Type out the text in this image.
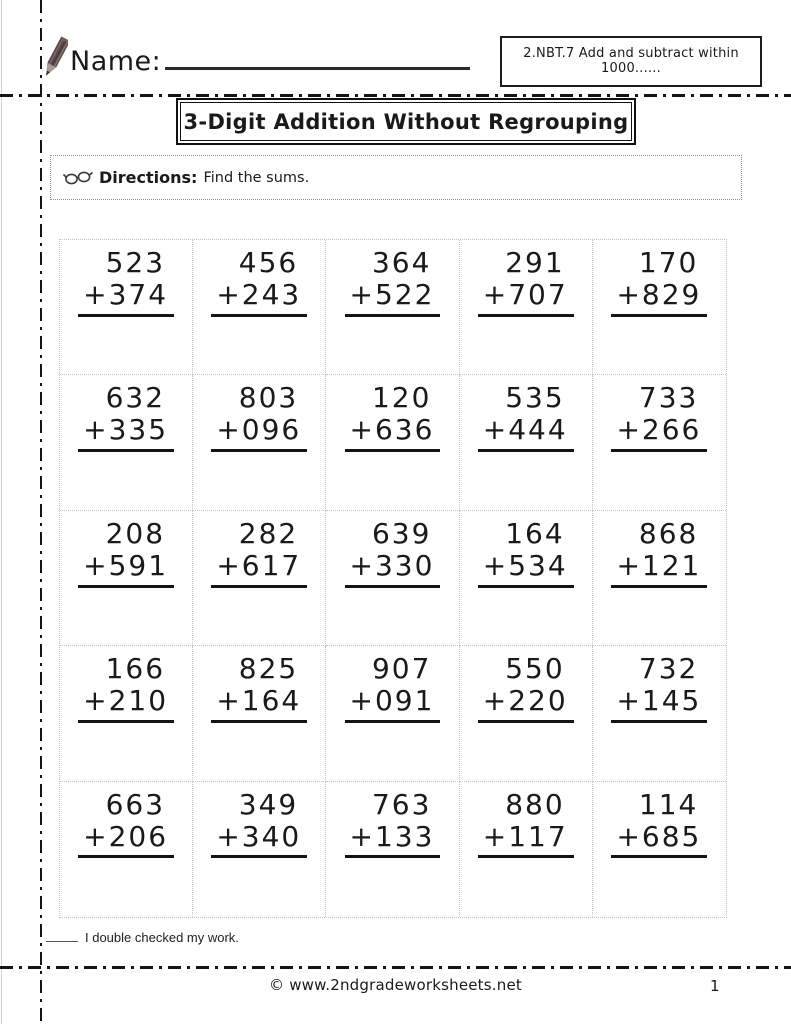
Name:	2.NBT.7 Add and subtract within 1000......
3-Digit Addition Without Regrouping
Directions: Find the sums.
523
+374
456
+243
364
+522
291
+707
170
+829
632
+335
803
+096
120
+636
535
+444
733
+266
208
+591
282
+617
639
+330
164
+534
868
+121
166
+210
825
+164
907
+091
550
+220
732
+145
663
+206
349
+340
763
+133
880
+117
114
+685
I double checked my work.
© www.2ndgradeworksheets.net	1
